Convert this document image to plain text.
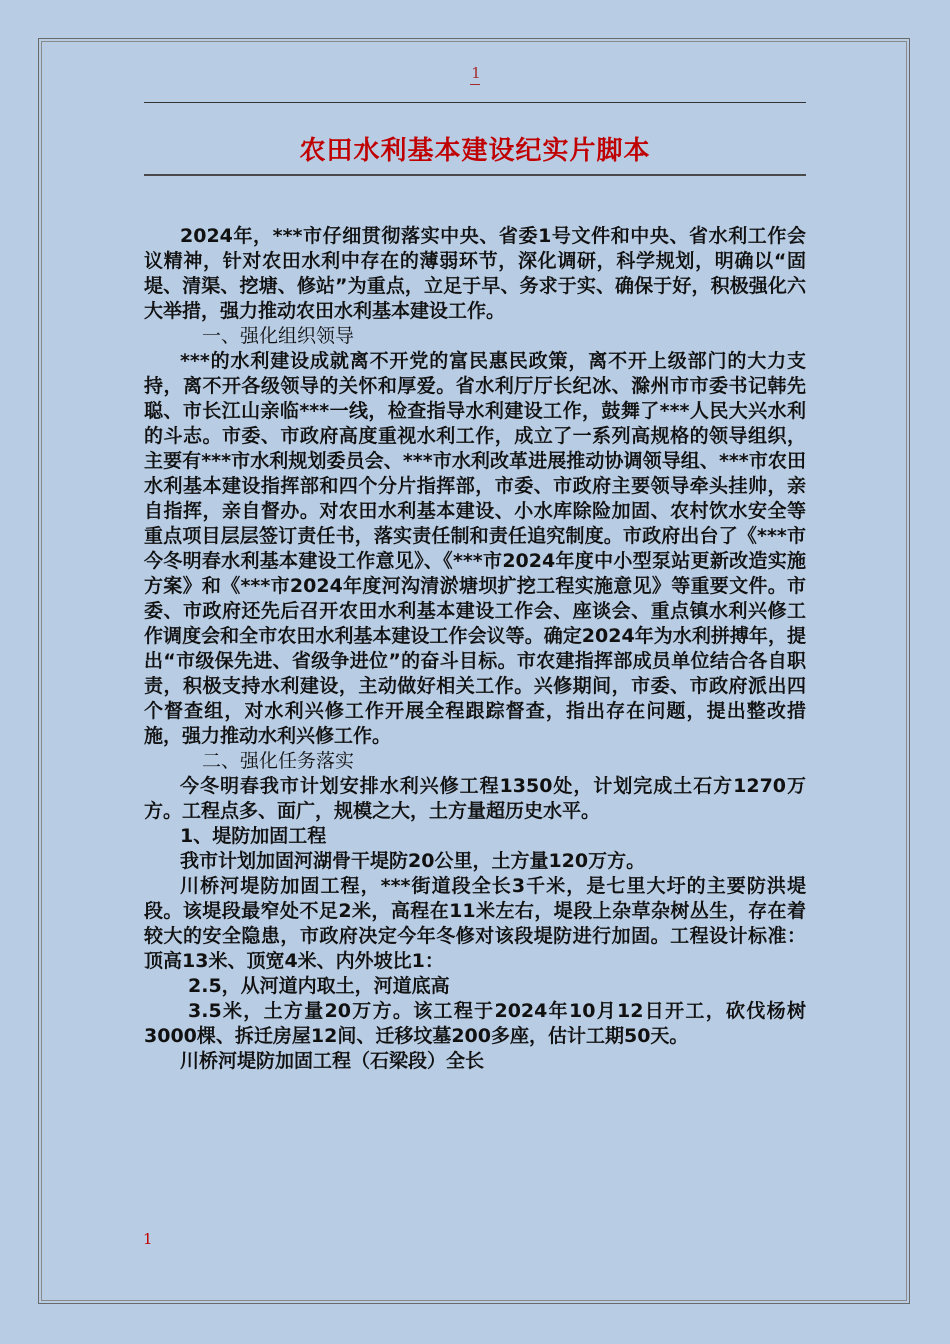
1
农田水利基本建设纪实片脚本

2024年，***市仔细贯彻落实中央、省委1号文件和中央、省水利工作会议精神，针对农田水利中存在的薄弱环节，深化调研，科学规划，明确以“固堤、清渠、挖塘、修站”为重点，立足于早、务求于实、确保于好，积极强化六大举措，强力推动农田水利基本建设工作。

一、强化组织领导

***的水利建设成就离不开党的富民惠民政策，离不开上级部门的大力支持，离不开各级领导的关怀和厚爱。省水利厅厅长纪冰、滁州市市委书记韩先聪、市长江山亲临***一线，检查指导水利建设工作，鼓舞了***人民大兴水利的斗志。市委、市政府高度重视水利工作，成立了一系列高规格的领导组织，主要有***市水利规划委员会、***市水利改革进展推动协调领导组、***市农田水利基本建设指挥部和四个分片指挥部，市委、市政府主要领导牵头挂帅，亲自指挥，亲自督办。对农田水利基本建设、小水库除险加固、农村饮水安全等重点项目层层签订责任书，落实责任制和责任追究制度。市政府出台了《***市今冬明春水利基本建设工作意见》、《***市2024年度中小型泵站更新改造实施方案》和《***市2024年度河沟清淤塘坝扩挖工程实施意见》等重要文件。市委、市政府还先后召开农田水利基本建设工作会、座谈会、重点镇水利兴修工作调度会和全市农田水利基本建设工作会议等。确定2024年为水利拼搏年，提出“市级保先进、省级争进位”的奋斗目标。市农建指挥部成员单位结合各自职责，积极支持水利建设，主动做好相关工作。兴修期间，市委、市政府派出四个督查组，对水利兴修工作开展全程跟踪督查，指出存在问题，提出整改措施，强力推动水利兴修工作。

二、强化任务落实

今冬明春我市计划安排水利兴修工程1350处，计划完成土石方1270万方。工程点多、面广，规模之大，土方量超历史水平。

1、堤防加固工程

我市计划加固河湖骨干堤防20公里，土方量120万方。

川桥河堤防加固工程，***街道段全长3千米，是七里大圩的主要防洪堤段。该堤段最窄处不足2米，高程在11米左右，堤段上杂草杂树丛生，存在着较大的安全隐患，市政府决定今年冬修对该段堤防进行加固。工程设计标准：顶高13米、顶宽4米、内外坡比1：

2.5，从河道内取土，河道底高

3.5米，土方量20万方。该工程于2024年10月12日开工，砍伐杨树3000棵、拆迁房屋12间、迁移坟墓200多座，估计工期50天。

川桥河堤防加固工程（石梁段）全长

1
